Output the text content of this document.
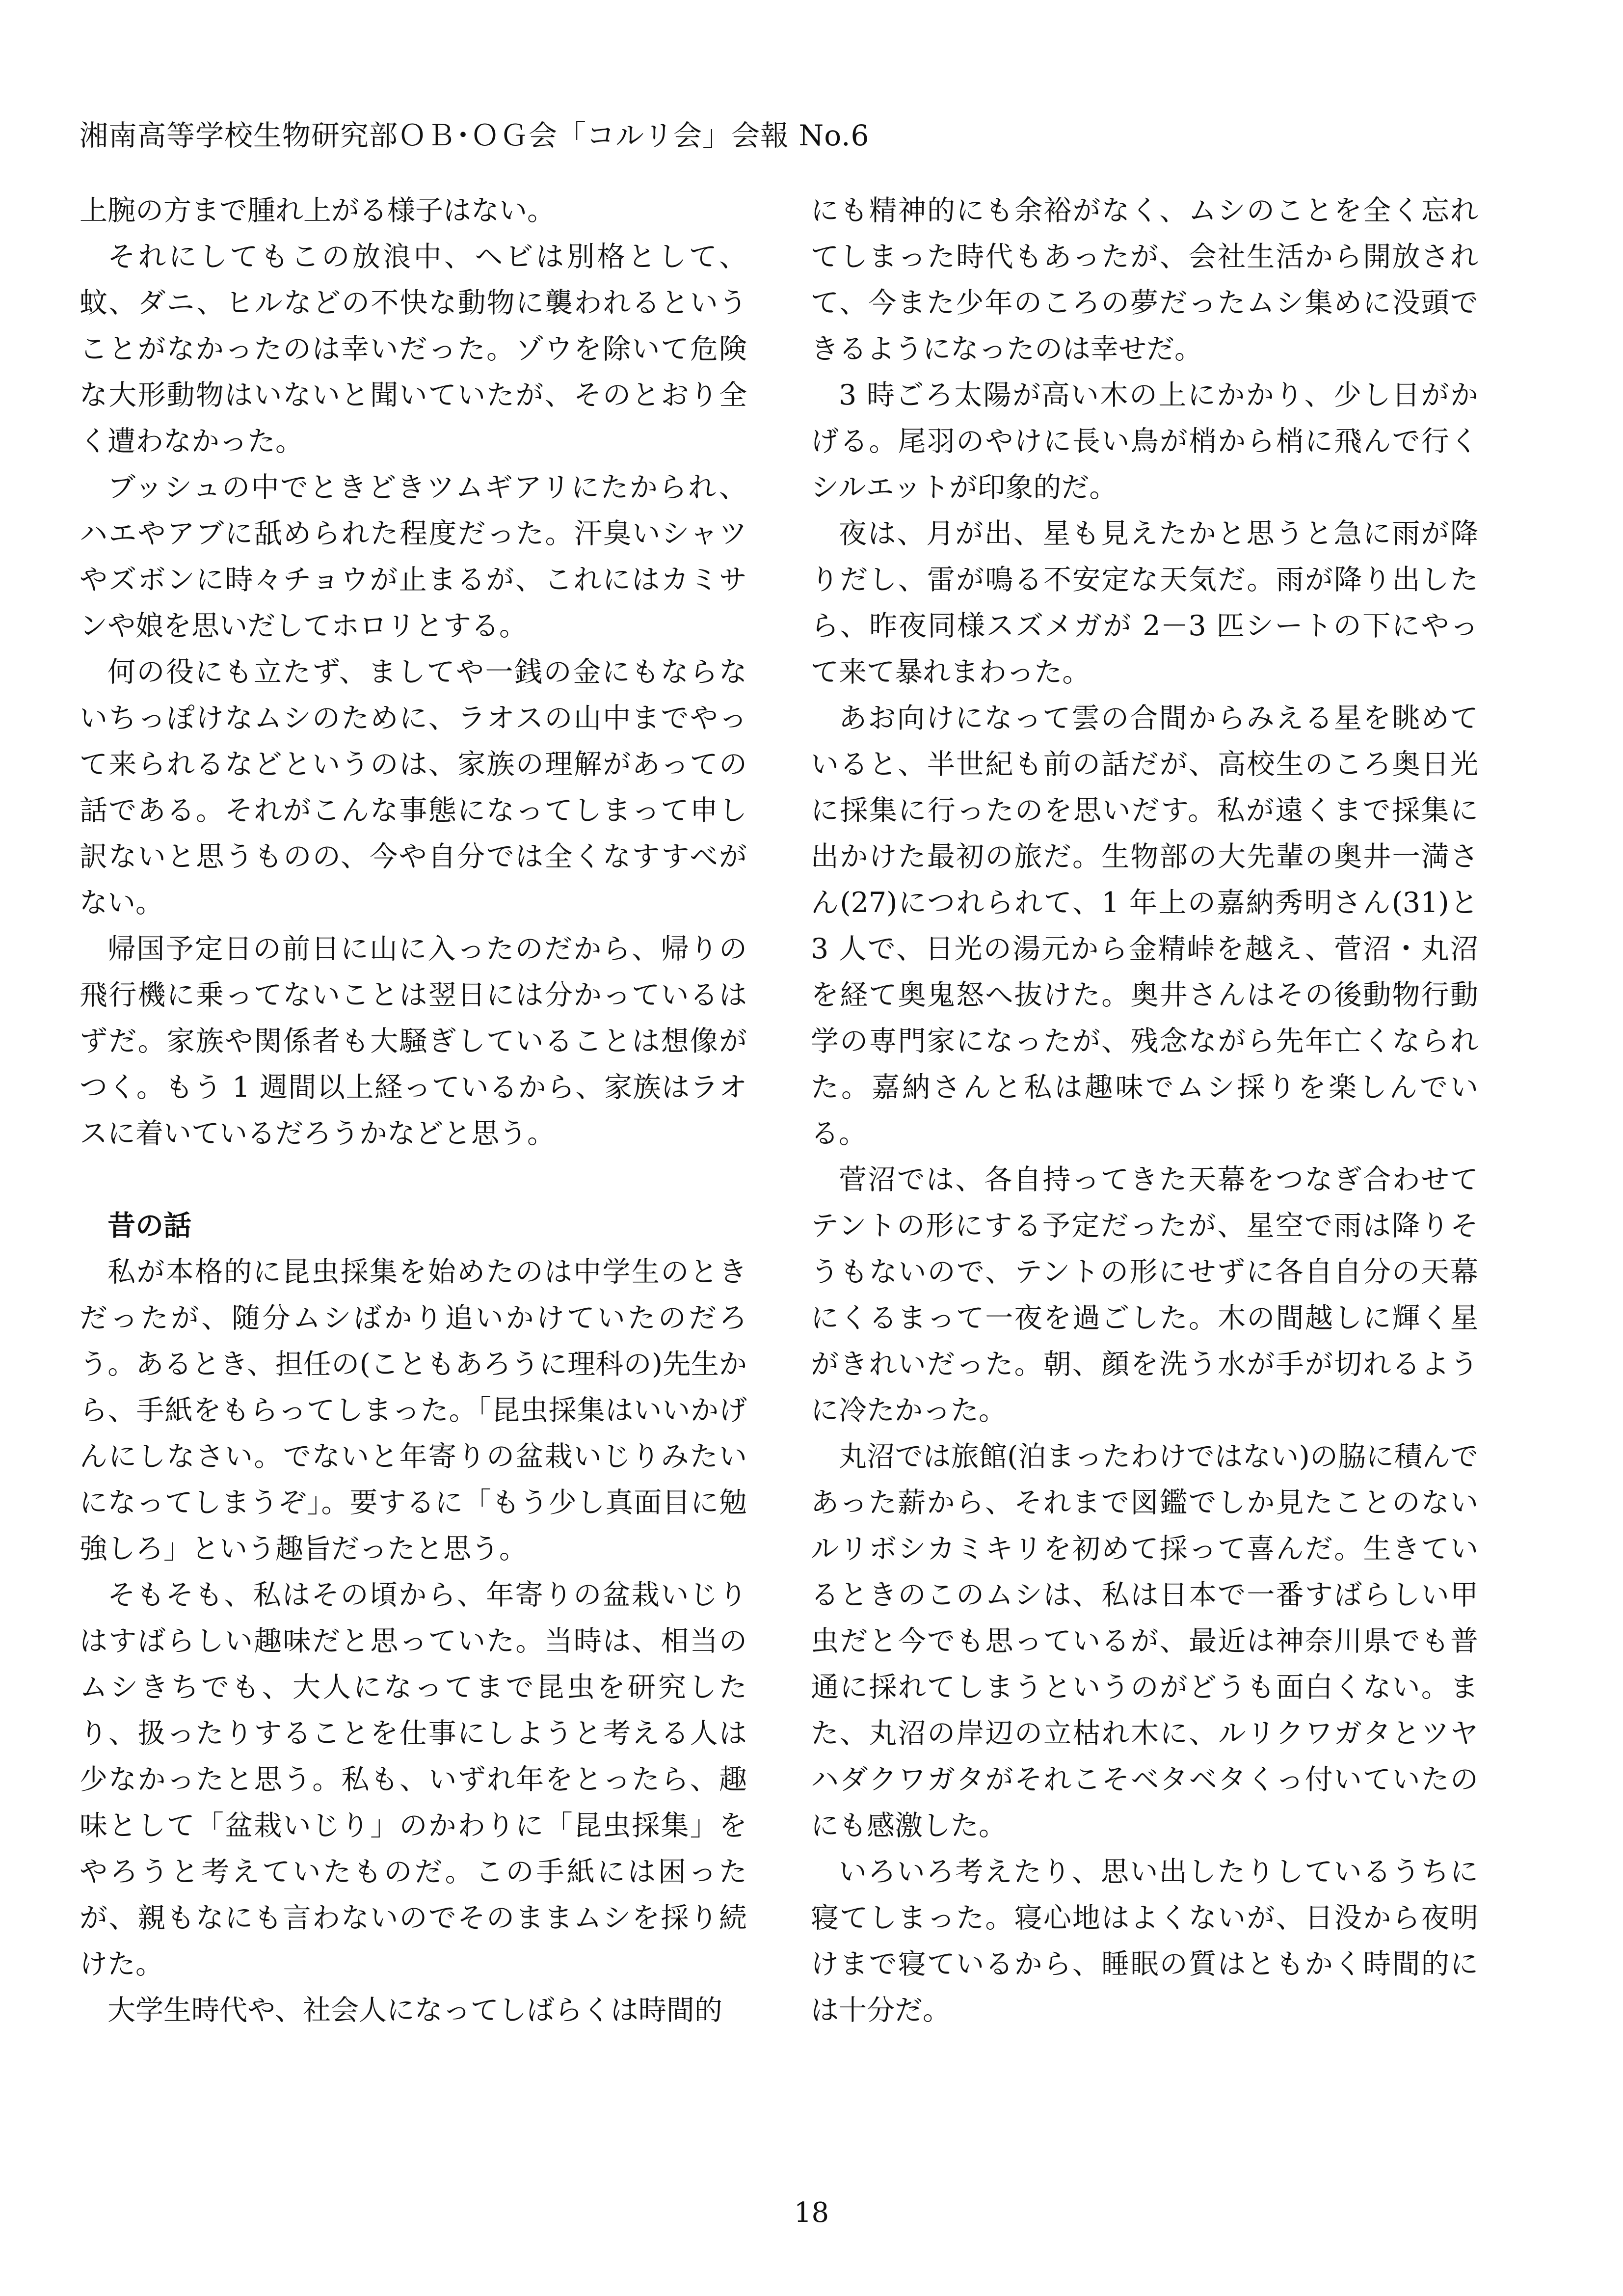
湘南高等学校生物研究部ＯＢ･ＯＧ会「コルリ会」会報 No.6

上腕の方まで腫れ上がる様子はない。

それにしてもこの放浪中、ヘビは別格として、蚊、ダニ、ヒルなどの不快な動物に襲われるということがなかったのは幸いだった。ゾウを除いて危険な大形動物はいないと聞いていたが、そのとおり全く遭わなかった。

ブッシュの中でときどきツムギアリにたかられ、ハエやアブに舐められた程度だった。汗臭いシャツやズボンに時々チョウが止まるが、これにはカミサンや娘を思いだしてホロリとする。

何の役にも立たず、ましてや一銭の金にもならないちっぽけなムシのために、ラオスの山中までやって来られるなどというのは、家族の理解があっての話である。それがこんな事態になってしまって申し訳ないと思うものの、今や自分では全くなすすべがない。

帰国予定日の前日に山に入ったのだから、帰りの飛行機に乗ってないことは翌日には分かっているはずだ。家族や関係者も大騒ぎしていることは想像がつく。もう 1 週間以上経っているから、家族はラオスに着いているだろうかなどと思う。

昔の話

私が本格的に昆虫採集を始めたのは中学生のときだったが、随分ムシばかり追いかけていたのだろう。あるとき、担任の(こともあろうに理科の)先生から、手紙をもらってしまった。「昆虫採集はいいかげんにしなさい。でないと年寄りの盆栽いじりみたいになってしまうぞ」。要するに「もう少し真面目に勉強しろ」という趣旨だったと思う。

そもそも、私はその頃から、年寄りの盆栽いじりはすばらしい趣味だと思っていた。当時は、相当のムシきちでも、大人になってまで昆虫を研究したり、扱ったりすることを仕事にしようと考える人は少なかったと思う。私も、いずれ年をとったら、趣味として「盆栽いじり」のかわりに「昆虫採集」をやろうと考えていたものだ。この手紙には困ったが、親もなにも言わないのでそのままムシを採り続けた。

大学生時代や、社会人になってしばらくは時間的

にも精神的にも余裕がなく、ムシのことを全く忘れてしまった時代もあったが、会社生活から開放されて、今また少年のころの夢だったムシ集めに没頭できるようになったのは幸せだ。

3 時ごろ太陽が高い木の上にかかり、少し日がかげる。尾羽のやけに長い鳥が梢から梢に飛んで行くシルエットが印象的だ。

夜は、月が出、星も見えたかと思うと急に雨が降りだし、雷が鳴る不安定な天気だ。雨が降り出したら、昨夜同様スズメガが 2－3 匹シートの下にやって来て暴れまわった。

あお向けになって雲の合間からみえる星を眺めていると、半世紀も前の話だが、高校生のころ奥日光に採集に行ったのを思いだす。私が遠くまで採集に出かけた最初の旅だ。生物部の大先輩の奥井一満さん(27)につれられて、1 年上の嘉納秀明さん(31)と 3 人で、日光の湯元から金精峠を越え、菅沼・丸沼を経て奥鬼怒へ抜けた。奥井さんはその後動物行動学の専門家になったが、残念ながら先年亡くなられた。嘉納さんと私は趣味でムシ採りを楽しんでいる。

菅沼では、各自持ってきた天幕をつなぎ合わせてテントの形にする予定だったが、星空で雨は降りそうもないので、テントの形にせずに各自自分の天幕にくるまって一夜を過ごした。木の間越しに輝く星がきれいだった。朝、顔を洗う水が手が切れるように冷たかった。

丸沼では旅館(泊まったわけではない)の脇に積んであった薪から、それまで図鑑でしか見たことのないルリボシカミキリを初めて採って喜んだ。生きているときのこのムシは、私は日本で一番すばらしい甲虫だと今でも思っているが、最近は神奈川県でも普通に採れてしまうというのがどうも面白くない。また、丸沼の岸辺の立枯れ木に、ルリクワガタとツヤハダクワガタがそれこそベタベタくっ付いていたのにも感激した。

いろいろ考えたり、思い出したりしているうちに寝てしまった。寝心地はよくないが、日没から夜明けまで寝ているから、睡眠の質はともかく時間的には十分だ。

18
